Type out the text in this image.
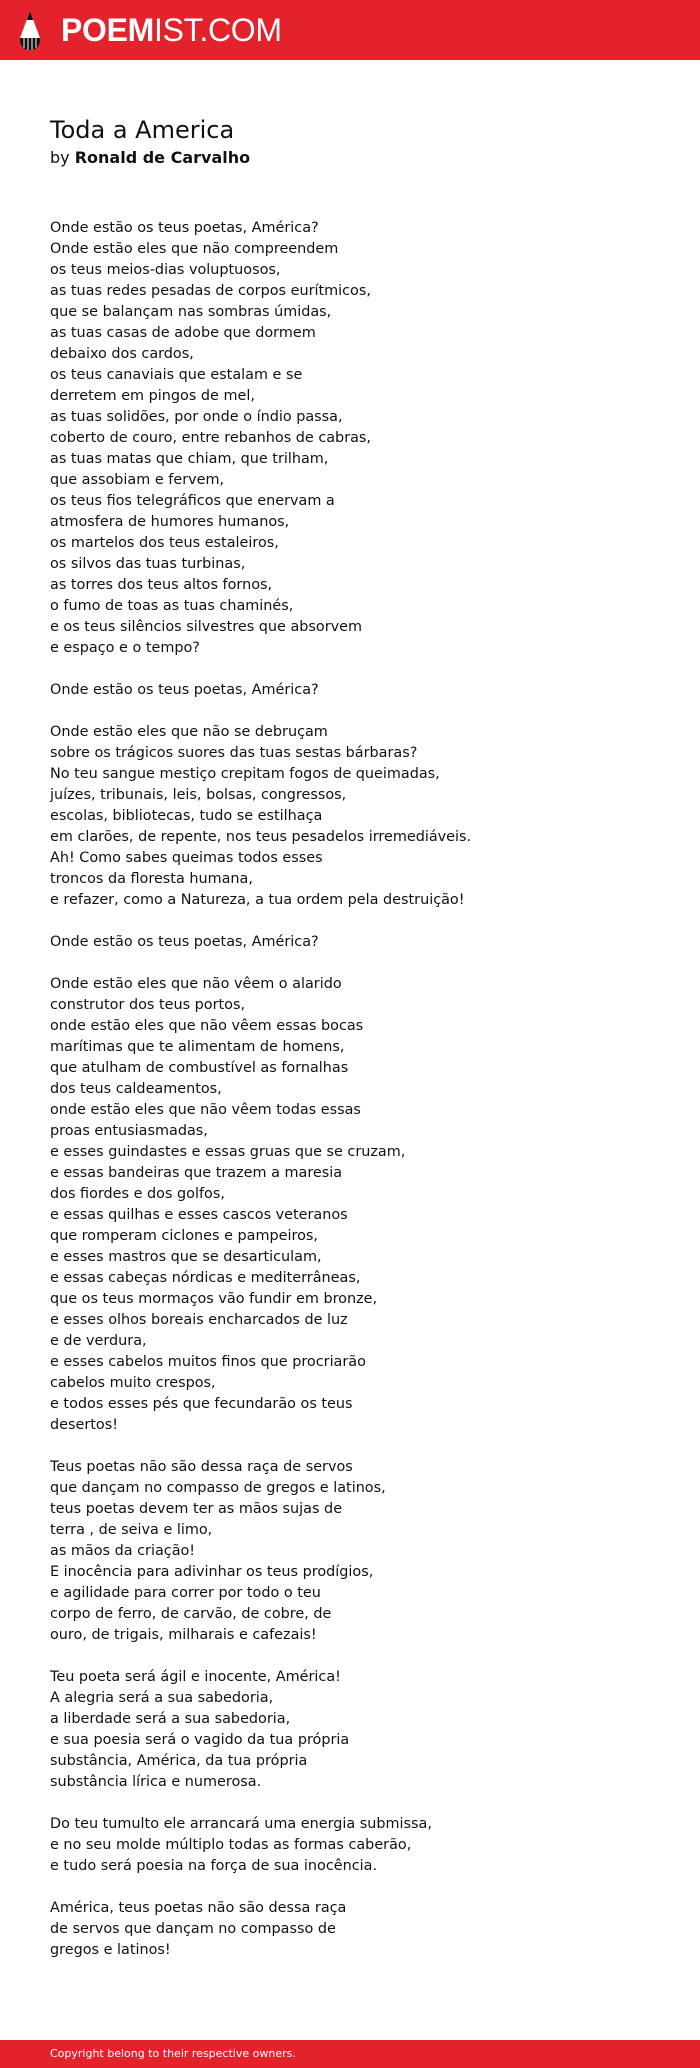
POEMIST.COM
Toda a America
by Ronald de Carvalho
Onde estão os teus poetas, América?
Onde estão eles que não compreendem
os teus meios-dias voluptuosos,
as tuas redes pesadas de corpos eurítmicos,
que se balançam nas sombras úmidas,
as tuas casas de adobe que dormem
debaixo dos cardos,
os teus canaviais que estalam e se
derretem em pingos de mel,
as tuas solidões, por onde o índio passa,
coberto de couro, entre rebanhos de cabras,
as tuas matas que chiam, que trilham,
que assobiam e fervem,
os teus fios telegráficos que enervam a
atmosfera de humores humanos,
os martelos dos teus estaleiros,
os silvos das tuas turbinas,
as torres dos teus altos fornos,
o fumo de toas as tuas chaminés,
e os teus silêncios silvestres que absorvem
e espaço e o tempo?
Onde estão os teus poetas, América?
Onde estão eles que não se debruçam
sobre os trágicos suores das tuas sestas bárbaras?
No teu sangue mestiço crepitam fogos de queimadas,
juízes, tribunais, leis, bolsas, congressos,
escolas, bibliotecas, tudo se estilhaça
em clarões, de repente, nos teus pesadelos irremediáveis.
Ah! Como sabes queimas todos esses
troncos da floresta humana,
e refazer, como a Natureza, a tua ordem pela destruição!
Onde estão os teus poetas, América?
Onde estão eles que não vêem o alarido
construtor dos teus portos,
onde estão eles que não vêem essas bocas
marítimas que te alimentam de homens,
que atulham de combustível as fornalhas
dos teus caldeamentos,
onde estão eles que não vêem todas essas
proas entusiasmadas,
e esses guindastes e essas gruas que se cruzam,
e essas bandeiras que trazem a maresia
dos fiordes e dos golfos,
e essas quilhas e esses cascos veteranos
que romperam ciclones e pampeiros,
e esses mastros que se desarticulam,
e essas cabeças nórdicas e mediterrâneas,
que os teus mormaços vão fundir em bronze,
e esses olhos boreais encharcados de luz
e de verdura,
e esses cabelos muitos finos que procriarão
cabelos muito crespos,
e todos esses pés que fecundarão os teus
desertos!
Teus poetas não são dessa raça de servos
que dançam no compasso de gregos e latinos,
teus poetas devem ter as mãos sujas de
terra , de seiva e limo,
as mãos da criação!
E inocência para adivinhar os teus prodígios,
e agilidade para correr por todo o teu
corpo de ferro, de carvão, de cobre, de
ouro, de trigais, milharais e cafezais!
Teu poeta será ágil e inocente, América!
A alegria será a sua sabedoria,
a liberdade será a sua sabedoria,
e sua poesia será o vagido da tua própria
substância, América, da tua própria
substância lírica e numerosa.
Do teu tumulto ele arrancará uma energia submissa,
e no seu molde múltiplo todas as formas caberão,
e tudo será poesia na força de sua inocência.
América, teus poetas não são dessa raça
de servos que dançam no compasso de
gregos e latinos!
Copyright belong to their respective owners.
